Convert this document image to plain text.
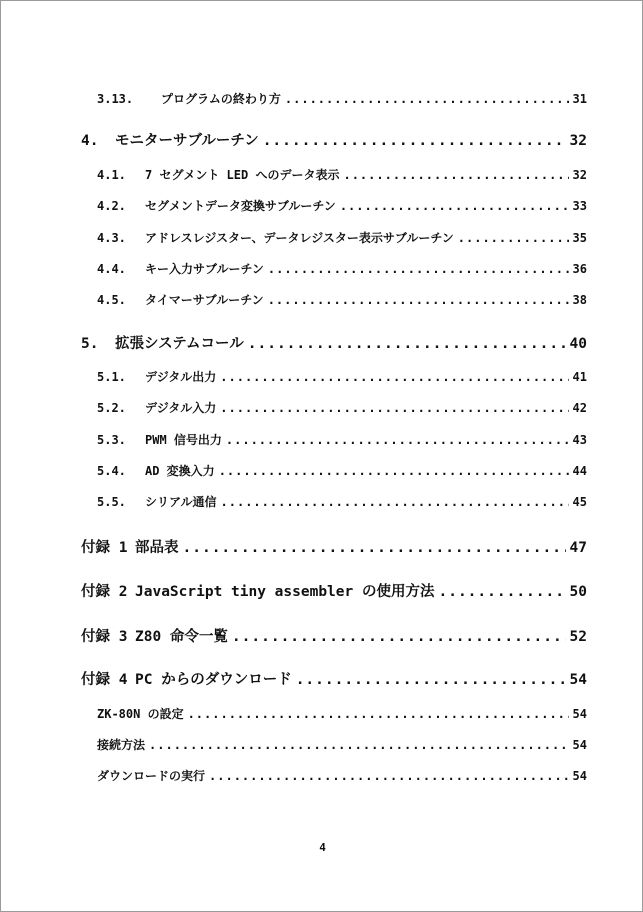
3.13.	プログラムの終わり方 .....	31
4.	モニターサブルーチン .....	32
4.1.	7 セグメント LED へのデータ表示 .....	32
4.2.	セグメントデータ変換サブルーチン .....	33
4.3.	アドレスレジスター、データレジスター表示サブルーチン .....	35
4.4.	キー入力サブルーチン .....	36
4.5.	タイマーサブルーチン .....	38
5.	拡張システムコール .....	40
5.1.	デジタル出力 .....	41
5.2.	デジタル入力 .....	42
5.3.	PWM 信号出力 .....	43
5.4.	AD 変換入力 .....	44
5.5.	シリアル通信 .....	45
付録 1 部品表 .....	47
付録 2 JavaScript tiny assembler の使用方法 .....	50
付録 3 Z80 命令一覧 .....	52
付録 4 PC からのダウンロード .....	54
ZK-80N の設定 .....	54
接続方法 .....	54
ダウンロードの実行 .....	54
4
